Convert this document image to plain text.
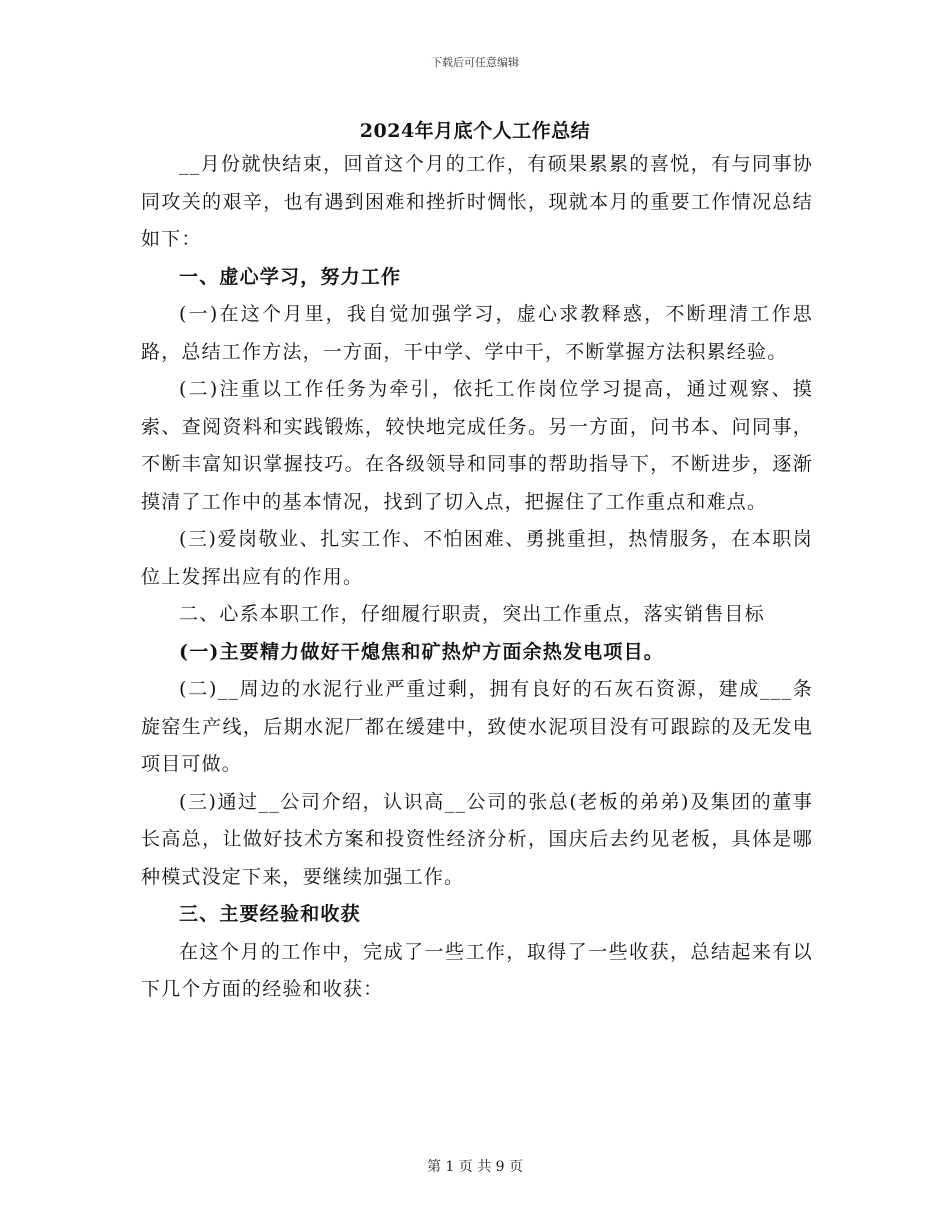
下载后可任意编辑
2024年月底个人工作总结

__月份就快结束，回首这个月的工作，有硕果累累的喜悦，有与同事协同攻关的艰辛，也有遇到困难和挫折时惆怅，现就本月的重要工作情况总结如下：

一、虚心学习，努力工作

(一)在这个月里，我自觉加强学习，虚心求教释惑，不断理清工作思路，总结工作方法，一方面，干中学、学中干，不断掌握方法积累经验。

(二)注重以工作任务为牵引，依托工作岗位学习提高，通过观察、摸索、查阅资料和实践锻炼，较快地完成任务。另一方面，问书本、问同事，不断丰富知识掌握技巧。在各级领导和同事的帮助指导下，不断进步，逐渐摸清了工作中的基本情况，找到了切入点，把握住了工作重点和难点。

(三)爱岗敬业、扎实工作、不怕困难、勇挑重担，热情服务，在本职岗位上发挥出应有的作用。

二、心系本职工作，仔细履行职责，突出工作重点，落实销售目标

(一)主要精力做好干熄焦和矿热炉方面余热发电项目。

(二)__周边的水泥行业严重过剩，拥有良好的石灰石资源，建成___条旋窑生产线，后期水泥厂都在缓建中，致使水泥项目没有可跟踪的及无发电项目可做。

(三)通过__公司介绍，认识高__公司的张总(老板的弟弟)及集团的董事长高总，让做好技术方案和投资性经济分析，国庆后去约见老板，具体是哪种模式没定下来，要继续加强工作。

三、主要经验和收获

在这个月的工作中，完成了一些工作，取得了一些收获，总结起来有以下几个方面的经验和收获：

第 1 页 共 9 页
